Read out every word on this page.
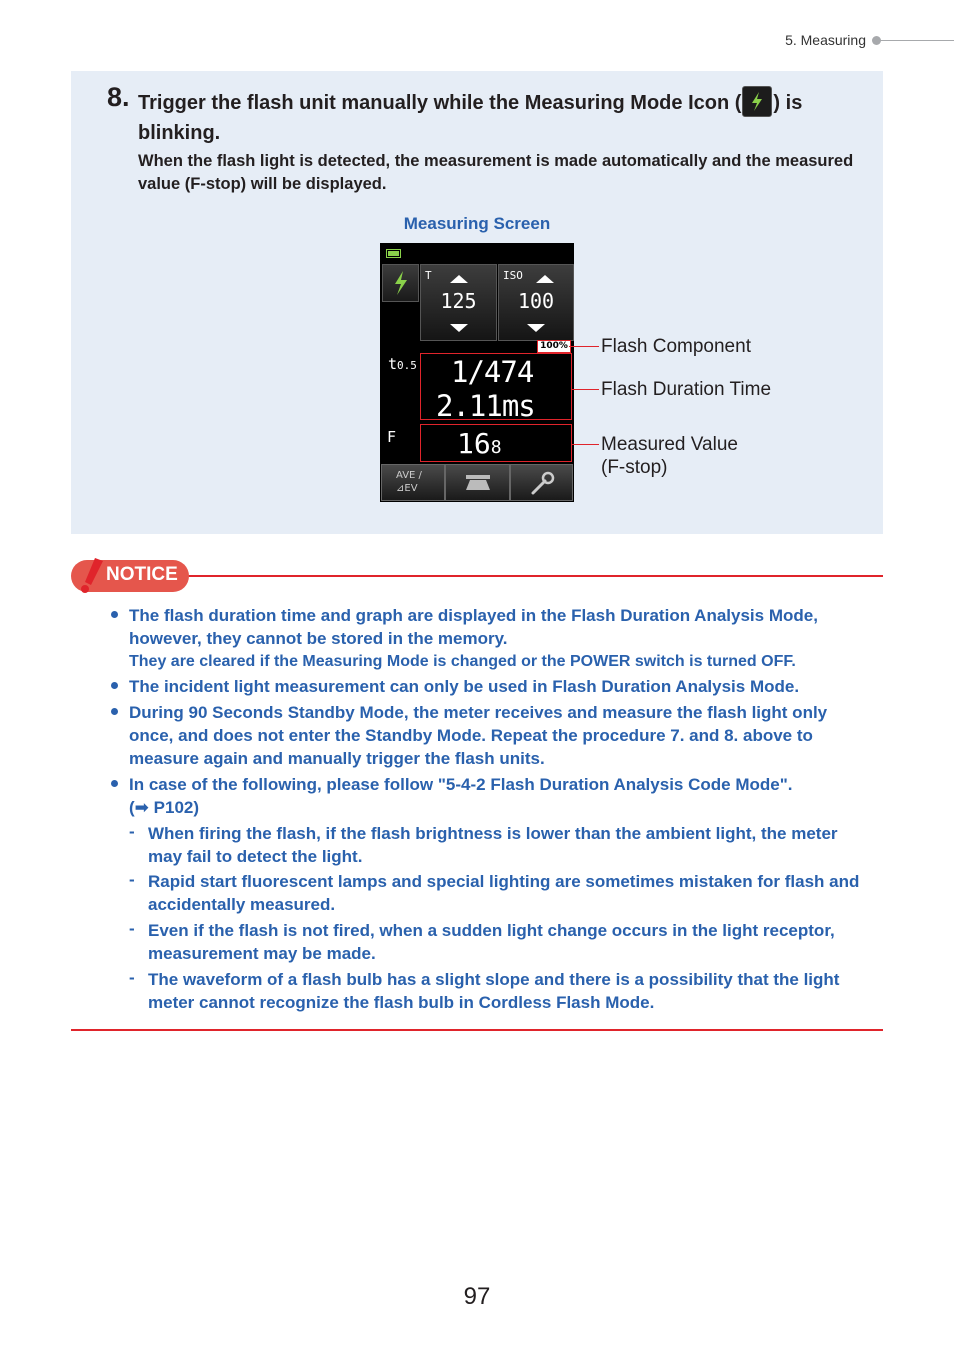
5. Measuring
8. Trigger the flash unit manually while the Measuring Mode Icon ( ) is blinking.
When the flash light is detected, the measurement is made automatically and the measured value (F-stop) will be displayed.
Measuring Screen
T
125
ISO
100
100%
t0.5 1/474
2.11ms
F 168
AVE /
⊿EV
Flash Component
Flash Duration Time
Measured Value
(F-stop)
NOTICE
The flash duration time and graph are displayed in the Flash Duration Analysis Mode, however, they cannot be stored in the memory.
They are cleared if the Measuring Mode is changed or the POWER switch is turned OFF.
The incident light measurement can only be used in Flash Duration Analysis Mode.
During 90 Seconds Standby Mode, the meter receives and measure the flash light only once, and does not enter the Standby Mode. Repeat the procedure 7. and 8. above to measure again and manually trigger the flash units.
In case of the following, please follow "5-4-2 Flash Duration Analysis Code Mode".
(➡ P102)
- When firing the flash, if the flash brightness is lower than the ambient light, the meter may fail to detect the light.
- Rapid start fluorescent lamps and special lighting are sometimes mistaken for flash and accidentally measured.
- Even if the flash is not fired, when a sudden light change occurs in the light receptor, measurement may be made.
- The waveform of a flash bulb has a slight slope and there is a possibility that the light meter cannot recognize the flash bulb in Cordless Flash Mode.
97
